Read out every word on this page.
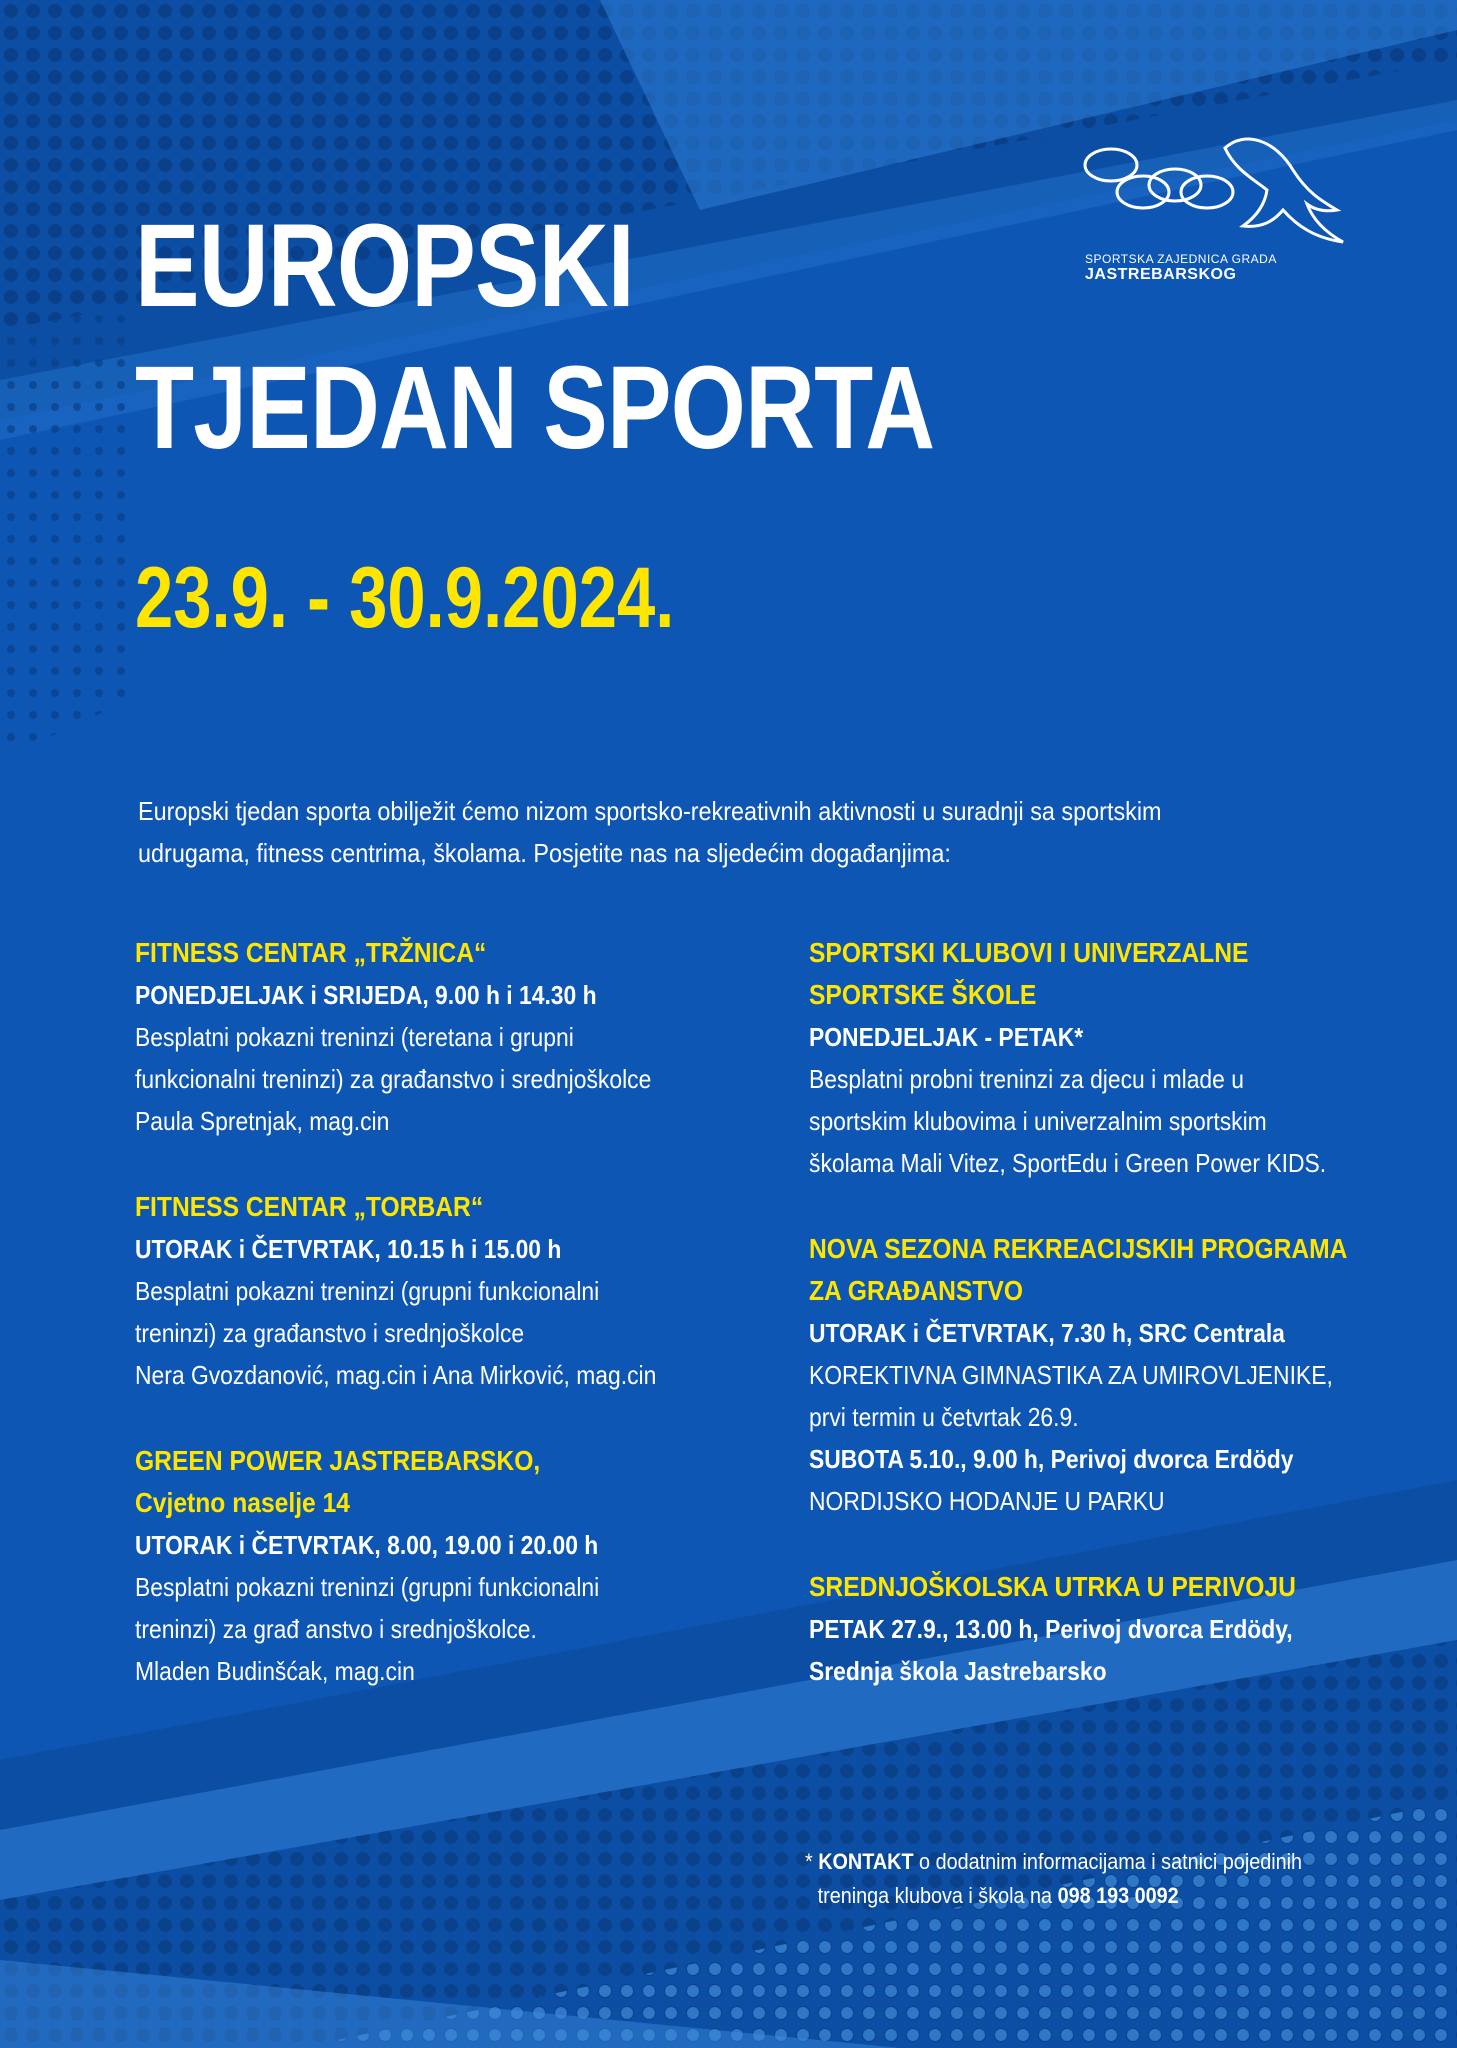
SPORTSKA ZAJEDNICA GRADA
JASTREBARSKOG
EUROPSKI
TJEDAN SPORTA
23.9. - 30.9.2024.
Europski tjedan sporta obilježit ćemo nizom sportsko-rekreativnih aktivnosti u suradnji sa sportskim
udrugama, fitness centrima, školama. Posjetite nas na sljedećim događanjima:
FITNESS CENTAR „TRŽNICA“
PONEDJELJAK i SRIJEDA, 9.00 h i 14.30 h
Besplatni pokazni treninzi (teretana i grupni
funkcionalni treninzi) za građanstvo i srednjoškolce
Paula Spretnjak, mag.cin
FITNESS CENTAR „TORBAR“
UTORAK i ČETVRTAK, 10.15 h i 15.00 h
Besplatni pokazni treninzi (grupni funkcionalni
treninzi) za građanstvo i srednjoškolce
Nera Gvozdanović, mag.cin i Ana Mirković, mag.cin
GREEN POWER JASTREBARSKO,
Cvjetno naselje 14
UTORAK i ČETVRTAK, 8.00, 19.00 i 20.00 h
Besplatni pokazni treninzi (grupni funkcionalni
treninzi) za građ anstvo i srednjoškolce.
Mladen Budinšćak, mag.cin
SPORTSKI KLUBOVI I UNIVERZALNE
SPORTSKE ŠKOLE
PONEDJELJAK - PETAK*
Besplatni probni treninzi za djecu i mlade u
sportskim klubovima i univerzalnim sportskim
školama Mali Vitez, SportEdu i Green Power KIDS.
NOVA SEZONA REKREACIJSKIH PROGRAMA
ZA GRAĐANSTVO
UTORAK i ČETVRTAK, 7.30 h, SRC Centrala
KOREKTIVNA GIMNASTIKA ZA UMIROVLJENIKE,
prvi termin u četvrtak 26.9.
SUBOTA 5.10., 9.00 h, Perivoj dvorca Erdödy
NORDIJSKO HODANJE U PARKU
SREDNJOŠKOLSKA UTRKA U PERIVOJU
PETAK 27.9., 13.00 h, Perivoj dvorca Erdödy,
Srednja škola Jastrebarsko
* KONTAKT o dodatnim informacijama i satnici pojedinih
treninga klubova i škola na 098 193 0092
